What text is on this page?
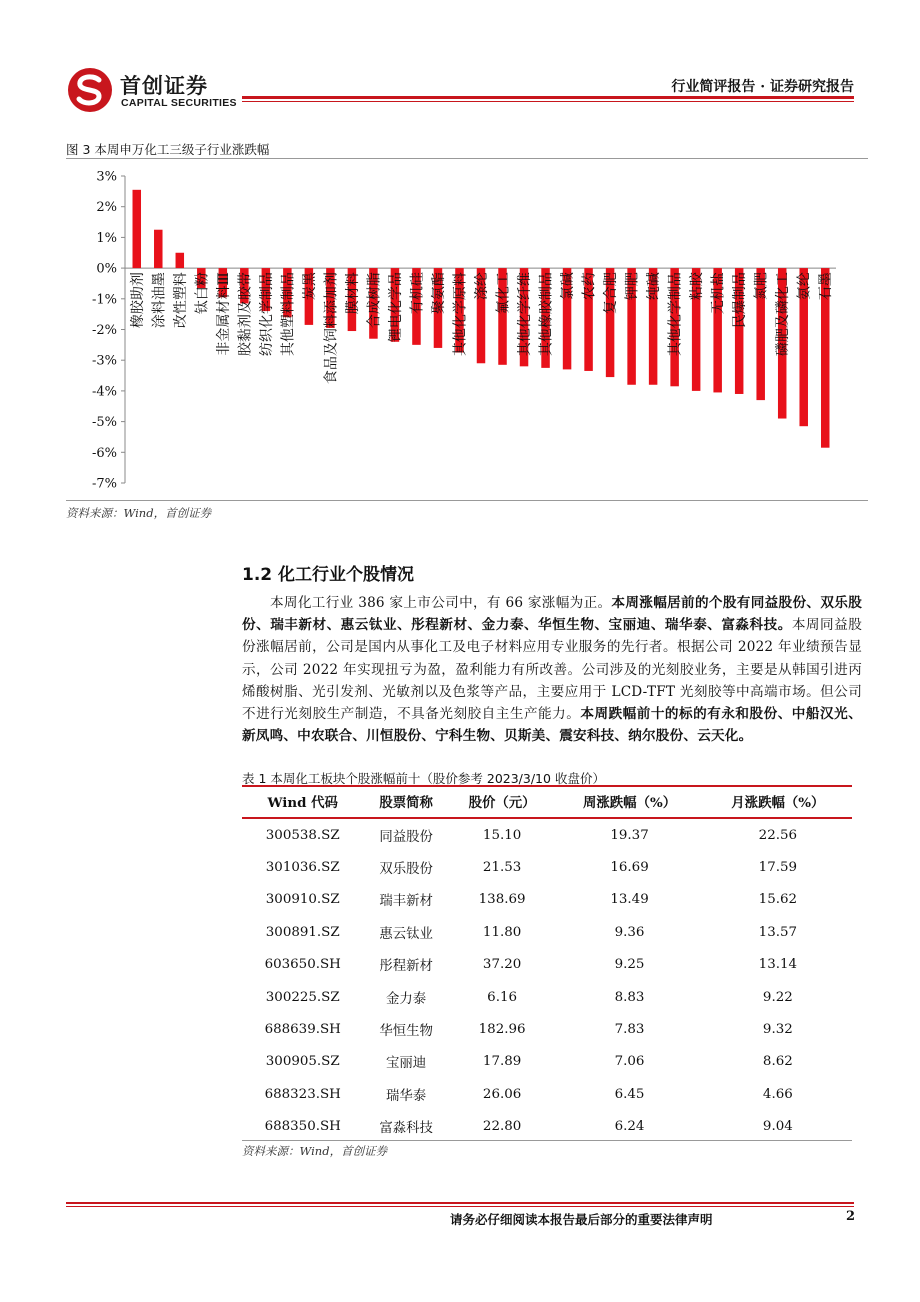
首创证券
CAPITAL SECURITIES
行业简评报告 · 证券研究报告
图 3 本周申万化工三级子行业涨跌幅
3%
2%
1%
0%
-1%
-2%
-3%
-4%
-5%
-6%
-7%
橡胶助剂 涂料油墨 改性塑料 钛白粉 非金属材料Ⅲ 胶黏剂及胶带 纺织化学制品 其他塑料制品 炭黑 食品及饲料添加剂 膜材料 合成树脂 锂电化学品 有机硅 聚氨酯 其他化学原料 涤纶 氟化工 其他化学纤维 其他橡胶制品 氯碱 农药 复合肥 钾肥 纯碱 其他化学制品 粘胶 无机盐 民爆制品 氮肥 磷肥及磷化工 氨纶 石墨
资料来源：Wind，首创证券
1.2 化工行业个股情况
本周化工行业 386 家上市公司中，有 66 家涨幅为正。本周涨幅居前的个股有同益股份、双乐股份、瑞丰新材、惠云钛业、彤程新材、金力泰、华恒生物、宝丽迪、瑞华泰、富淼科技。本周同益股份涨幅居前，公司是国内从事化工及电子材料应用专业服务的先行者。根据公司 2022 年业绩预告显示，公司 2022 年实现扭亏为盈，盈利能力有所改善。公司涉及的光刻胶业务，主要是从韩国引进丙烯酸树脂、光引发剂、光敏剂以及色浆等产品，主要应用于 LCD-TFT 光刻胶等中高端市场。但公司不进行光刻胶生产制造，不具备光刻胶自主生产能力。本周跌幅前十的标的有永和股份、中船汉光、新凤鸣、中农联合、川恒股份、宁科生物、贝斯美、震安科技、纳尔股份、云天化。
表 1 本周化工板块个股涨幅前十（股价参考 2023/3/10 收盘价）
Wind 代码	股票简称	股价（元）	周涨跌幅（%）	月涨跌幅（%）

300538.SZ	同益股份	15.10	19.37	22.56
301036.SZ	双乐股份	21.53	16.69	17.59
300910.SZ	瑞丰新材	138.69	13.49	15.62
300891.SZ	惠云钛业	11.80	9.36	13.57
603650.SH	彤程新材	37.20	9.25	13.14
300225.SZ	金力泰	6.16	8.83	9.22
688639.SH	华恒生物	182.96	7.83	9.32
300905.SZ	宝丽迪	17.89	7.06	8.62
688323.SH	瑞华泰	26.06	6.45	4.66
688350.SH	富淼科技	22.80	6.24	9.04
资料来源：Wind，首创证券
请务必仔细阅读本报告最后部分的重要法律声明	2
